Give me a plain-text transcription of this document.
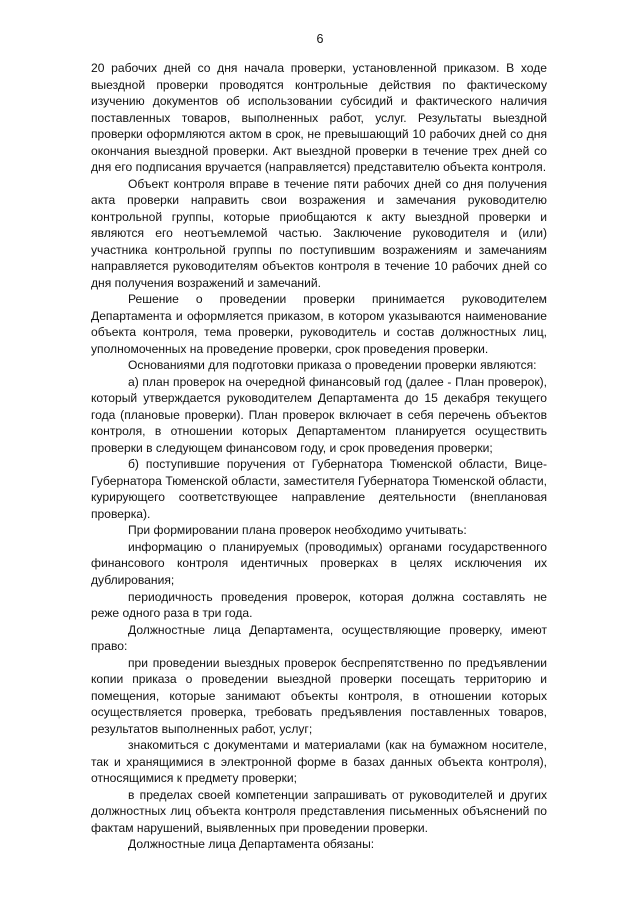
6

20 рабочих дней со дня начала проверки, установленной приказом. В ходе выездной проверки проводятся контрольные действия по фактическому изучению документов об использовании субсидий и фактического наличия поставленных товаров, выполненных работ, услуг. Результаты выездной проверки оформляются актом в срок, не превышающий 10 рабочих дней со дня окончания выездной проверки. Акт выездной проверки в течение трех дней со дня его подписания вручается (направляется) представителю объекта контроля.

Объект контроля вправе в течение пяти рабочих дней со дня получения акта проверки направить свои возражения и замечания руководителю контрольной группы, которые приобщаются к акту выездной проверки и являются его неотъемлемой частью. Заключение руководителя и (или) участника контрольной группы по поступившим возражениям и замечаниям направляется руководителям объектов контроля в течение 10 рабочих дней со дня получения возражений и замечаний.

Решение о проведении проверки принимается руководителем Департамента и оформляется приказом, в котором указываются наименование объекта контроля, тема проверки, руководитель и состав должностных лиц, уполномоченных на проведение проверки, срок проведения проверки.

Основаниями для подготовки приказа о проведении проверки являются:

а) план проверок на очередной финансовый год (далее - План проверок), который утверждается руководителем Департамента до 15 декабря текущего года (плановые проверки). План проверок включает в себя перечень объектов контроля, в отношении которых Департаментом планируется осуществить проверки в следующем финансовом году, и срок проведения проверки;

б) поступившие поручения от Губернатора Тюменской области, Вице-Губернатора Тюменской области, заместителя Губернатора Тюменской области, курирующего соответствующее направление деятельности (внеплановая проверка).

При формировании плана проверок необходимо учитывать:

информацию о планируемых (проводимых) органами государственного финансового контроля идентичных проверках в целях исключения их дублирования;

периодичность проведения проверок, которая должна составлять не реже одного раза в три года.

Должностные лица Департамента, осуществляющие проверку, имеют право:

при проведении выездных проверок беспрепятственно по предъявлении копии приказа о проведении выездной проверки посещать территорию и помещения, которые занимают объекты контроля, в отношении которых осуществляется проверка, требовать предъявления поставленных товаров, результатов выполненных работ, услуг;

знакомиться с документами и материалами (как на бумажном носителе, так и хранящимися в электронной форме в базах данных объекта контроля), относящимися к предмету проверки;

в пределах своей компетенции запрашивать от руководителей и других должностных лиц объекта контроля представления письменных объяснений по фактам нарушений, выявленных при проведении проверки.

Должностные лица Департамента обязаны:
